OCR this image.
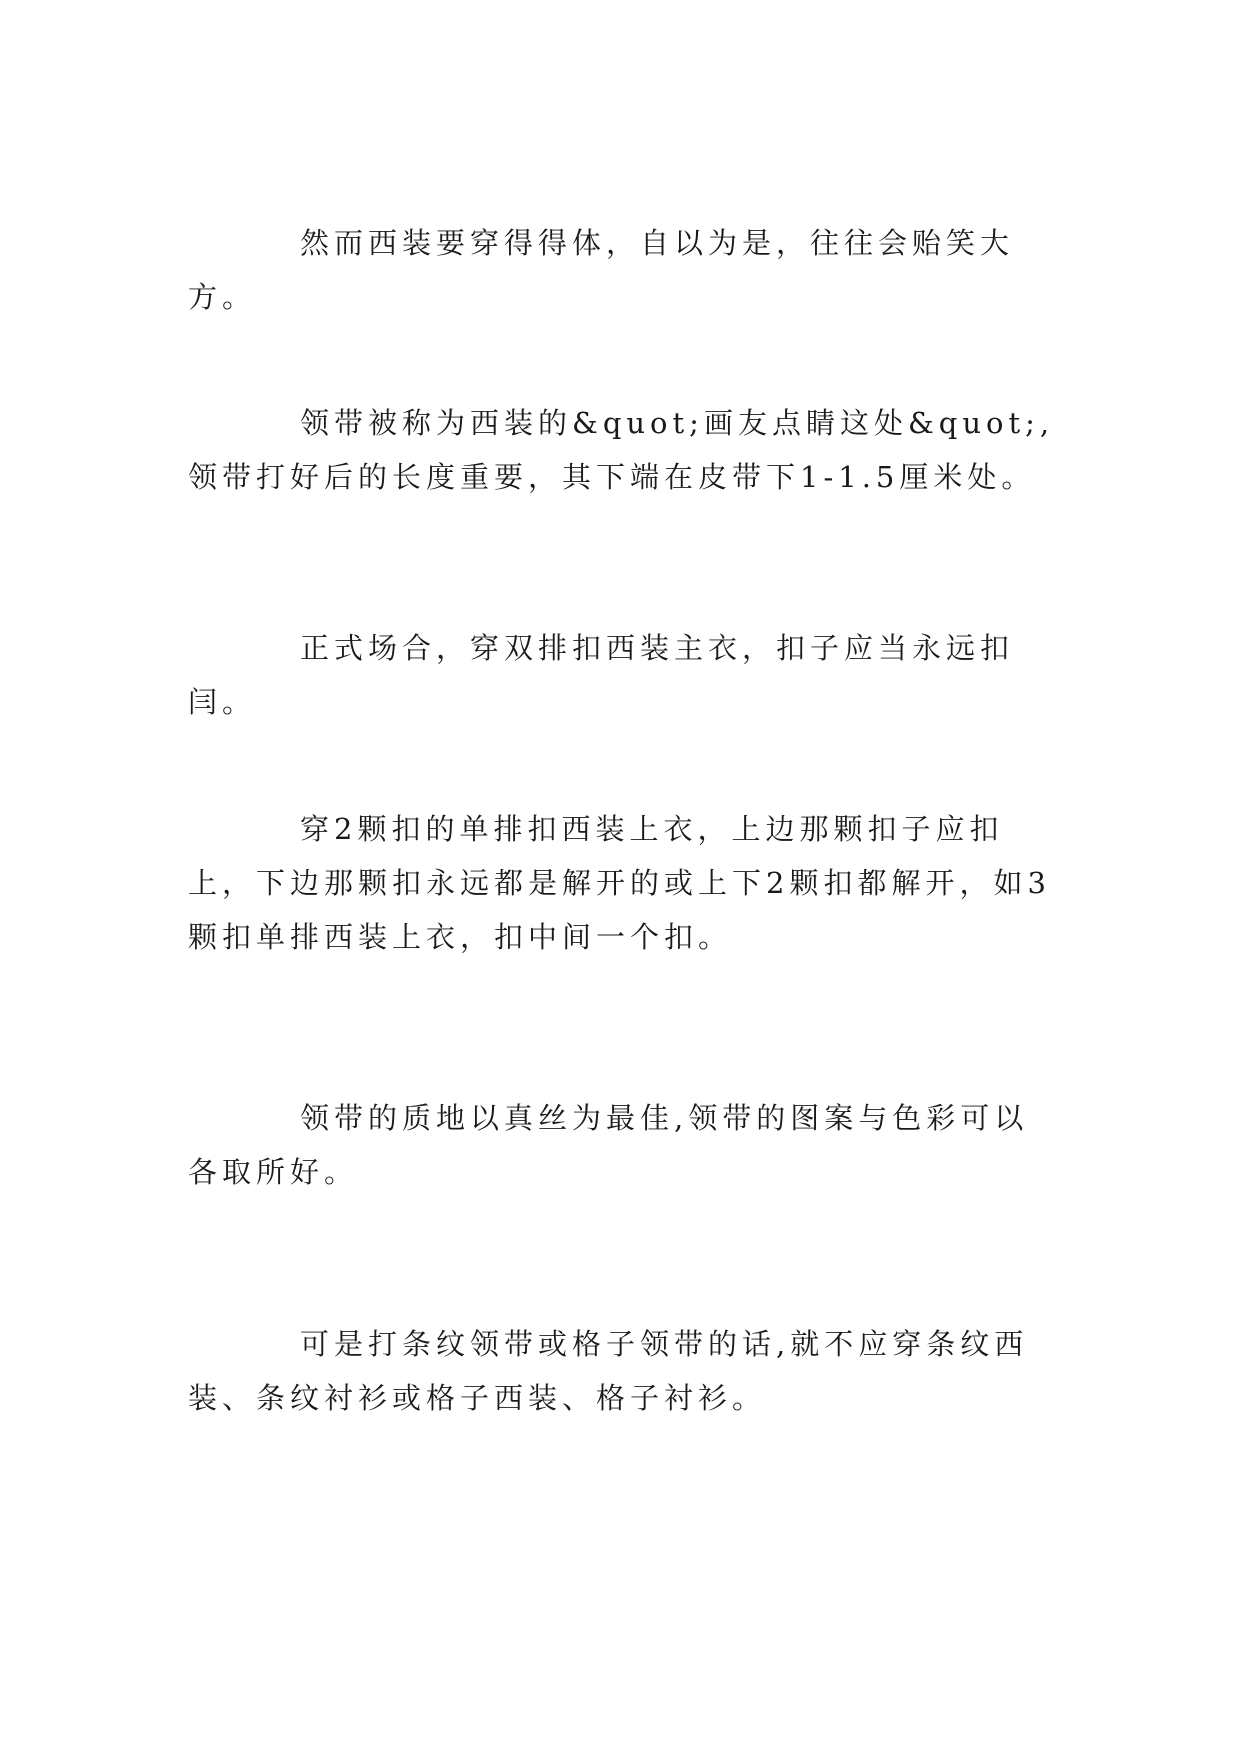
然而西装要穿得得体，自以为是，往往会贻笑大方。

领带被称为西装的&quot;画友点睛这处&quot;,领带打好后的长度重要，其下端在皮带下1-1.5厘米处。

正式场合，穿双排扣西装主衣，扣子应当永远扣闫。

穿2颗扣的单排扣西装上衣，上边那颗扣子应扣上，下边那颗扣永远都是解开的或上下2颗扣都解开，如3颗扣单排西装上衣，扣中间一个扣。

领带的质地以真丝为最佳,领带的图案与色彩可以各取所好。

可是打条纹领带或格子领带的话,就不应穿条纹西装、条纹衬衫或格子西装、格子衬衫。
